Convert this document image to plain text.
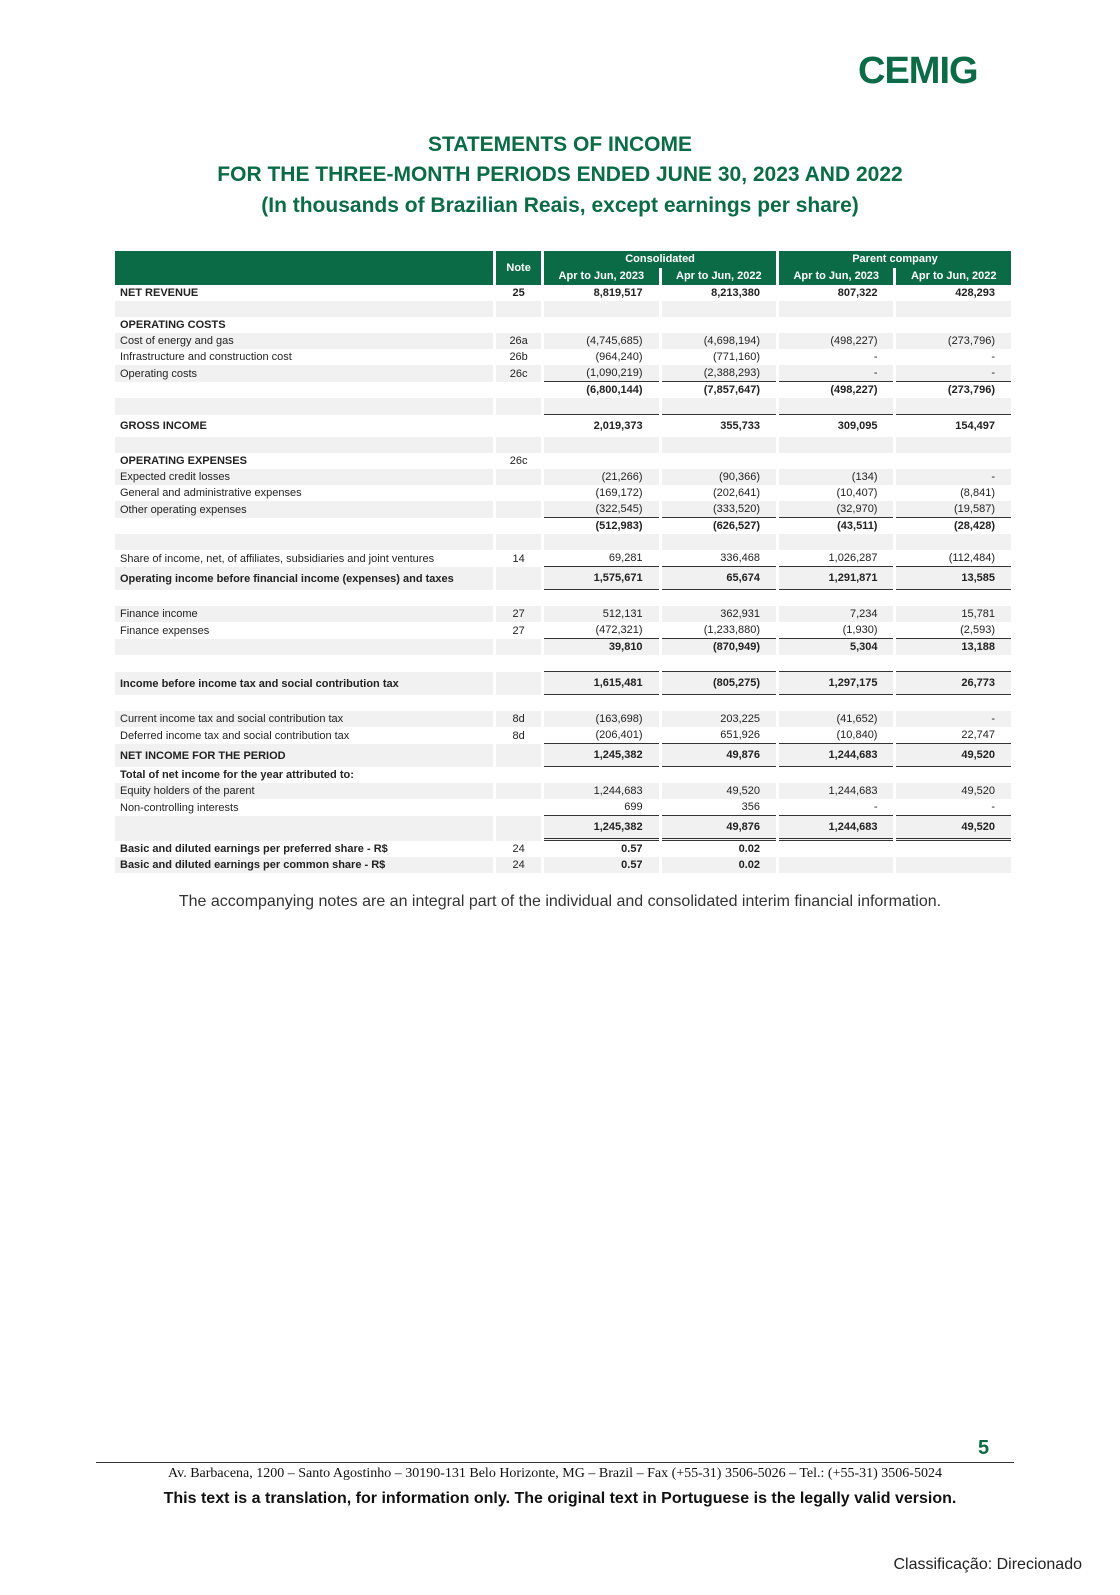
CEMIG
STATEMENTS OF INCOME
FOR THE THREE-MONTH PERIODS ENDED JUNE 30, 2023 AND 2022
(In thousands of Brazilian Reais, except earnings per share)
	Note	Consolidated		Parent company	
		Apr to Jun, 2023	Apr to Jun, 2022	Apr to Jun, 2023	Apr to Jun, 2022
NET REVENUE	25	8,819,517	8,213,380	807,322	428,293

OPERATING COSTS					
Cost of energy and gas	26a	(4,745,685)	(4,698,194)	(498,227)	(273,796)
Infrastructure and construction cost	26b	(964,240)	(771,160)	-	-
Operating costs	26c	(1,090,219)	(2,388,293)	-	-
		(6,800,144)	(7,857,647)	(498,227)	(273,796)

GROSS INCOME		2,019,373	355,733	309,095	154,497

OPERATING EXPENSES	26c				
Expected credit losses		(21,266)	(90,366)	(134)	-
General and administrative expenses		(169,172)	(202,641)	(10,407)	(8,841)
Other operating expenses		(322,545)	(333,520)	(32,970)	(19,587)
		(512,983)	(626,527)	(43,511)	(28,428)

Share of income, net, of affiliates, subsidiaries and joint ventures	14	69,281	336,468	1,026,287	(112,484)
Operating income before financial income (expenses) and taxes		1,575,671	65,674	1,291,871	13,585

Finance income	27	512,131	362,931	7,234	15,781
Finance expenses	27	(472,321)	(1,233,880)	(1,930)	(2,593)
		39,810	(870,949)	5,304	13,188

Income before income tax and social contribution tax		1,615,481	(805,275)	1,297,175	26,773

Current income tax and social contribution tax	8d	(163,698)	203,225	(41,652)	-
Deferred income tax and social contribution tax	8d	(206,401)	651,926	(10,840)	22,747
NET INCOME FOR THE PERIOD		1,245,382	49,876	1,244,683	49,520
Total of net income for the year attributed to:					
Equity holders of the parent		1,244,683	49,520	1,244,683	49,520
Non-controlling interests		699	356	-	-
		1,245,382	49,876	1,244,683	49,520
Basic and diluted earnings per preferred share - R$	24	0.57	0.02		
Basic and diluted earnings per common share - R$	24	0.57	0.02		
The accompanying notes are an integral part of the individual and consolidated interim financial information.
5
Av. Barbacena, 1200 – Santo Agostinho – 30190-131 Belo Horizonte, MG – Brazil – Fax (+55-31) 3506-5026 – Tel.: (+55-31) 3506-5024
This text is a translation, for information only. The original text in Portuguese is the legally valid version.
Classificação: Direcionado
